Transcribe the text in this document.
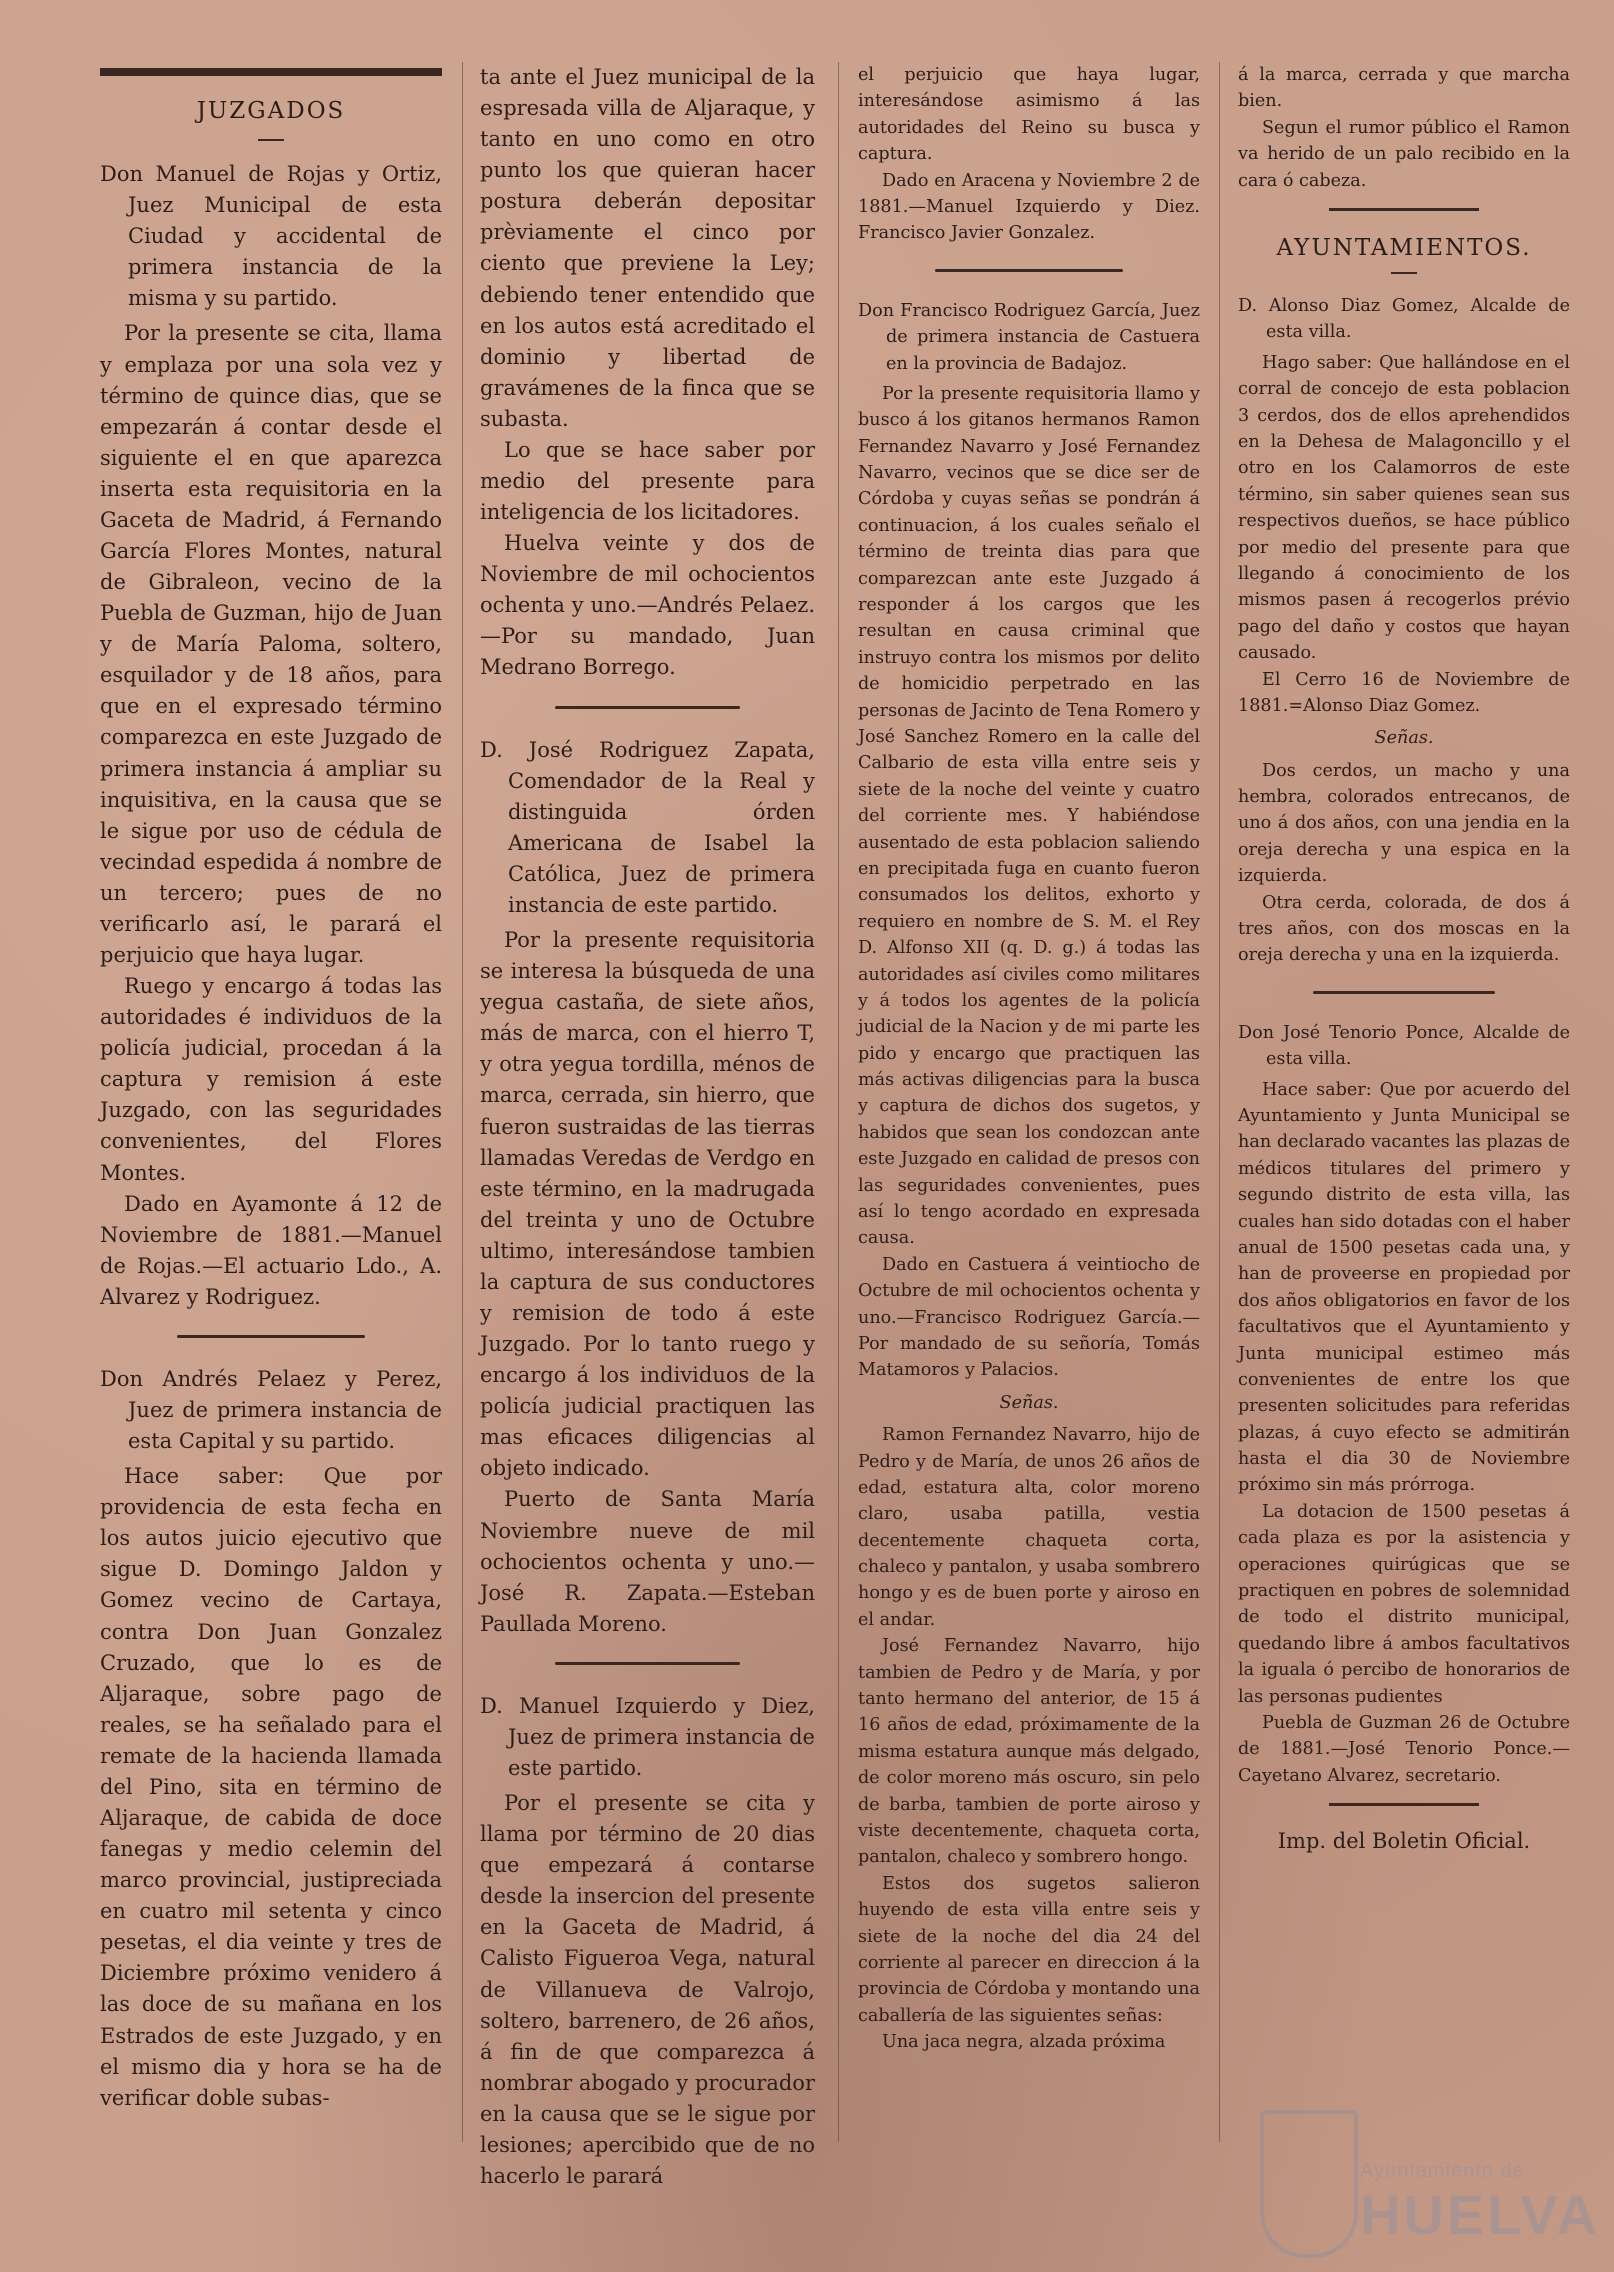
JUZGADOS
Don Manuel de Rojas y Ortiz, Juez Municipal de esta Ciudad y accidental de primera instancia de la misma y su partido.

Por la presente se cita, llama y emplaza por una sola vez y término de quince dias, que se empezarán á contar desde el siguiente el en que aparezca inserta esta requisitoria en la Gaceta de Madrid, á Fernando García Flores Montes, natural de Gibraleon, vecino de la Puebla de Guzman, hijo de Juan y de María Paloma, soltero, esquilador y de 18 años, para que en el expresado término comparezca en este Juzgado de primera instancia á ampliar su inquisitiva, en la causa que se le sigue por uso de cédula de vecindad espedida á nombre de un tercero; pues de no verificarlo así, le parará el perjuicio que haya lugar.

Ruego y encargo á todas las autoridades é individuos de la policía judicial, procedan á la captura y remision á este Juzgado, con las seguridades convenientes, del Flores Montes.

Dado en Ayamonte á 12 de Noviembre de 1881.—Manuel de Rojas.—El actuario Ldo., A. Alvarez y Rodriguez.

Don Andrés Pelaez y Perez, Juez de primera instancia de esta Capital y su partido.

Hace saber: Que por providencia de esta fecha en los autos juicio ejecutivo que sigue D. Domingo Jaldon y Gomez vecino de Cartaya, contra Don Juan Gonzalez Cruzado, que lo es de Aljaraque, sobre pago de reales, se ha señalado para el remate de la hacienda llamada del Pino, sita en término de Aljaraque, de cabida de doce fanegas y medio celemin del marco provincial, justipreciada en cuatro mil setenta y cinco pesetas, el dia veinte y tres de Diciembre próximo venidero á las doce de su mañana en los Estrados de este Juzgado, y en el mismo dia y hora se ha de verificar doble subas-

ta ante el Juez municipal de la espresada villa de Aljaraque, y tanto en uno como en otro punto los que quieran hacer postura deberán depositar prèviamente el cinco por ciento que previene la Ley; debiendo tener entendido que en los autos está acreditado el dominio y libertad de gravámenes de la finca que se subasta.

Lo que se hace saber por medio del presente para inteligencia de los licitadores.

Huelva veinte y dos de Noviembre de mil ochocientos ochenta y uno.—Andrés Pelaez.—Por su mandado, Juan Medrano Borrego.

D. José Rodriguez Zapata, Comendador de la Real y distinguida órden Americana de Isabel la Católica, Juez de primera instancia de este partido.

Por la presente requisitoria se interesa la búsqueda de una yegua castaña, de siete años, más de marca, con el hierro T, y otra yegua tordilla, ménos de marca, cerrada, sin hierro, que fueron sustraidas de las tierras llamadas Veredas de Verdgo en este término, en la madrugada del treinta y uno de Octubre ultimo, interesándose tambien la captura de sus conductores y remision de todo á este Juzgado. Por lo tanto ruego y encargo á los individuos de la policía judicial practiquen las mas eficaces diligencias al objeto indicado.

Puerto de Santa María Noviembre nueve de mil ochocientos ochenta y uno.—José R. Zapata.—Esteban Paullada Moreno.

D. Manuel Izquierdo y Diez, Juez de primera instancia de este partido.

Por el presente se cita y llama por término de 20 dias que empezará á contarse desde la insercion del presente en la Gaceta de Madrid, á Calisto Figueroa Vega, natural de Villanueva de Valrojo, soltero, barrenero, de 26 años, á fin de que comparezca á nombrar abogado y procurador en la causa que se le sigue por lesiones; apercibido que de no hacerlo le parará

el perjuicio que haya lugar, interesándose asimismo á las autoridades del Reino su busca y captura.

Dado en Aracena y Noviembre 2 de 1881.—Manuel Izquierdo y Diez. Francisco Javier Gonzalez.

Don Francisco Rodriguez García, Juez de primera instancia de Castuera en la provincia de Badajoz.

Por la presente requisitoria llamo y busco á los gitanos hermanos Ramon Fernandez Navarro y José Fernandez Navarro, vecinos que se dice ser de Córdoba y cuyas señas se pondrán á continuacion, á los cuales señalo el término de treinta dias para que comparezcan ante este Juzgado á responder á los cargos que les resultan en causa criminal que instruyo contra los mismos por delito de homicidio perpetrado en las personas de Jacinto de Tena Romero y José Sanchez Romero en la calle del Calbario de esta villa entre seis y siete de la noche del veinte y cuatro del corriente mes. Y habiéndose ausentado de esta poblacion saliendo en precipitada fuga en cuanto fueron consumados los delitos, exhorto y requiero en nombre de S. M. el Rey D. Alfonso XII (q. D. g.) á todas las autoridades así civiles como militares y á todos los agentes de la policía judicial de la Nacion y de mi parte les pido y encargo que practiquen las más activas diligencias para la busca y captura de dichos dos sugetos, y habidos que sean los condozcan ante este Juzgado en calidad de presos con las seguridades convenientes, pues así lo tengo acordado en expresada causa.

Dado en Castuera á veintiocho de Octubre de mil ochocientos ochenta y uno.—Francisco Rodriguez García.—Por mandado de su señoría, Tomás Matamoros y Palacios.

Señas.

Ramon Fernandez Navarro, hijo de Pedro y de María, de unos 26 años de edad, estatura alta, color moreno claro, usaba patilla, vestia decentemente chaqueta corta, chaleco y pantalon, y usaba sombrero hongo y es de buen porte y airoso en el andar.

José Fernandez Navarro, hijo tambien de Pedro y de María, y por tanto hermano del anterior, de 15 á 16 años de edad, próximamente de la misma estatura aunque más delgado, de color moreno más oscuro, sin pelo de barba, tambien de porte airoso y viste decentemente, chaqueta corta, pantalon, chaleco y sombrero hongo.

Estos dos sugetos salieron huyendo de esta villa entre seis y siete de la noche del dia 24 del corriente al parecer en direccion á la provincia de Córdoba y montando una caballería de las siguientes señas:

Una jaca negra, alzada próxima

á la marca, cerrada y que marcha bien.

Segun el rumor público el Ramon va herido de un palo recibido en la cara ó cabeza.

AYUNTAMIENTOS.
D. Alonso Diaz Gomez, Alcalde de esta villa.

Hago saber: Que hallándose en el corral de concejo de esta poblacion 3 cerdos, dos de ellos aprehendidos en la Dehesa de Malagoncillo y el otro en los Calamorros de este término, sin saber quienes sean sus respectivos dueños, se hace público por medio del presente para que llegando á conocimiento de los mismos pasen á recogerlos prévio pago del daño y costos que hayan causado.

El Cerro 16 de Noviembre de 1881.=Alonso Diaz Gomez.

Señas.

Dos cerdos, un macho y una hembra, colorados entrecanos, de uno á dos años, con una jendia en la oreja derecha y una espica en la izquierda.

Otra cerda, colorada, de dos á tres años, con dos moscas en la oreja derecha y una en la izquierda.

Don José Tenorio Ponce, Alcalde de esta villa.

Hace saber: Que por acuerdo del Ayuntamiento y Junta Municipal se han declarado vacantes las plazas de médicos titulares del primero y segundo distrito de esta villa, las cuales han sido dotadas con el haber anual de 1500 pesetas cada una, y han de proveerse en propiedad por dos años obligatorios en favor de los facultativos que el Ayuntamiento y Junta municipal estimeo más convenientes de entre los que presenten solicitudes para referidas plazas, á cuyo efecto se admitirán hasta el dia 30 de Noviembre próximo sin más prórroga.

La dotacion de 1500 pesetas á cada plaza es por la asistencia y operaciones quirúgicas que se practiquen en pobres de solemnidad de todo el distrito municipal, quedando libre á ambos facultativos la iguala ó percibo de honorarios de las personas pudientes

Puebla de Guzman 26 de Octubre de 1881.—José Tenorio Ponce.—Cayetano Alvarez, secretario.

Imp. del Boletin Oficial.
Ayuntamiento de
HUELVA
